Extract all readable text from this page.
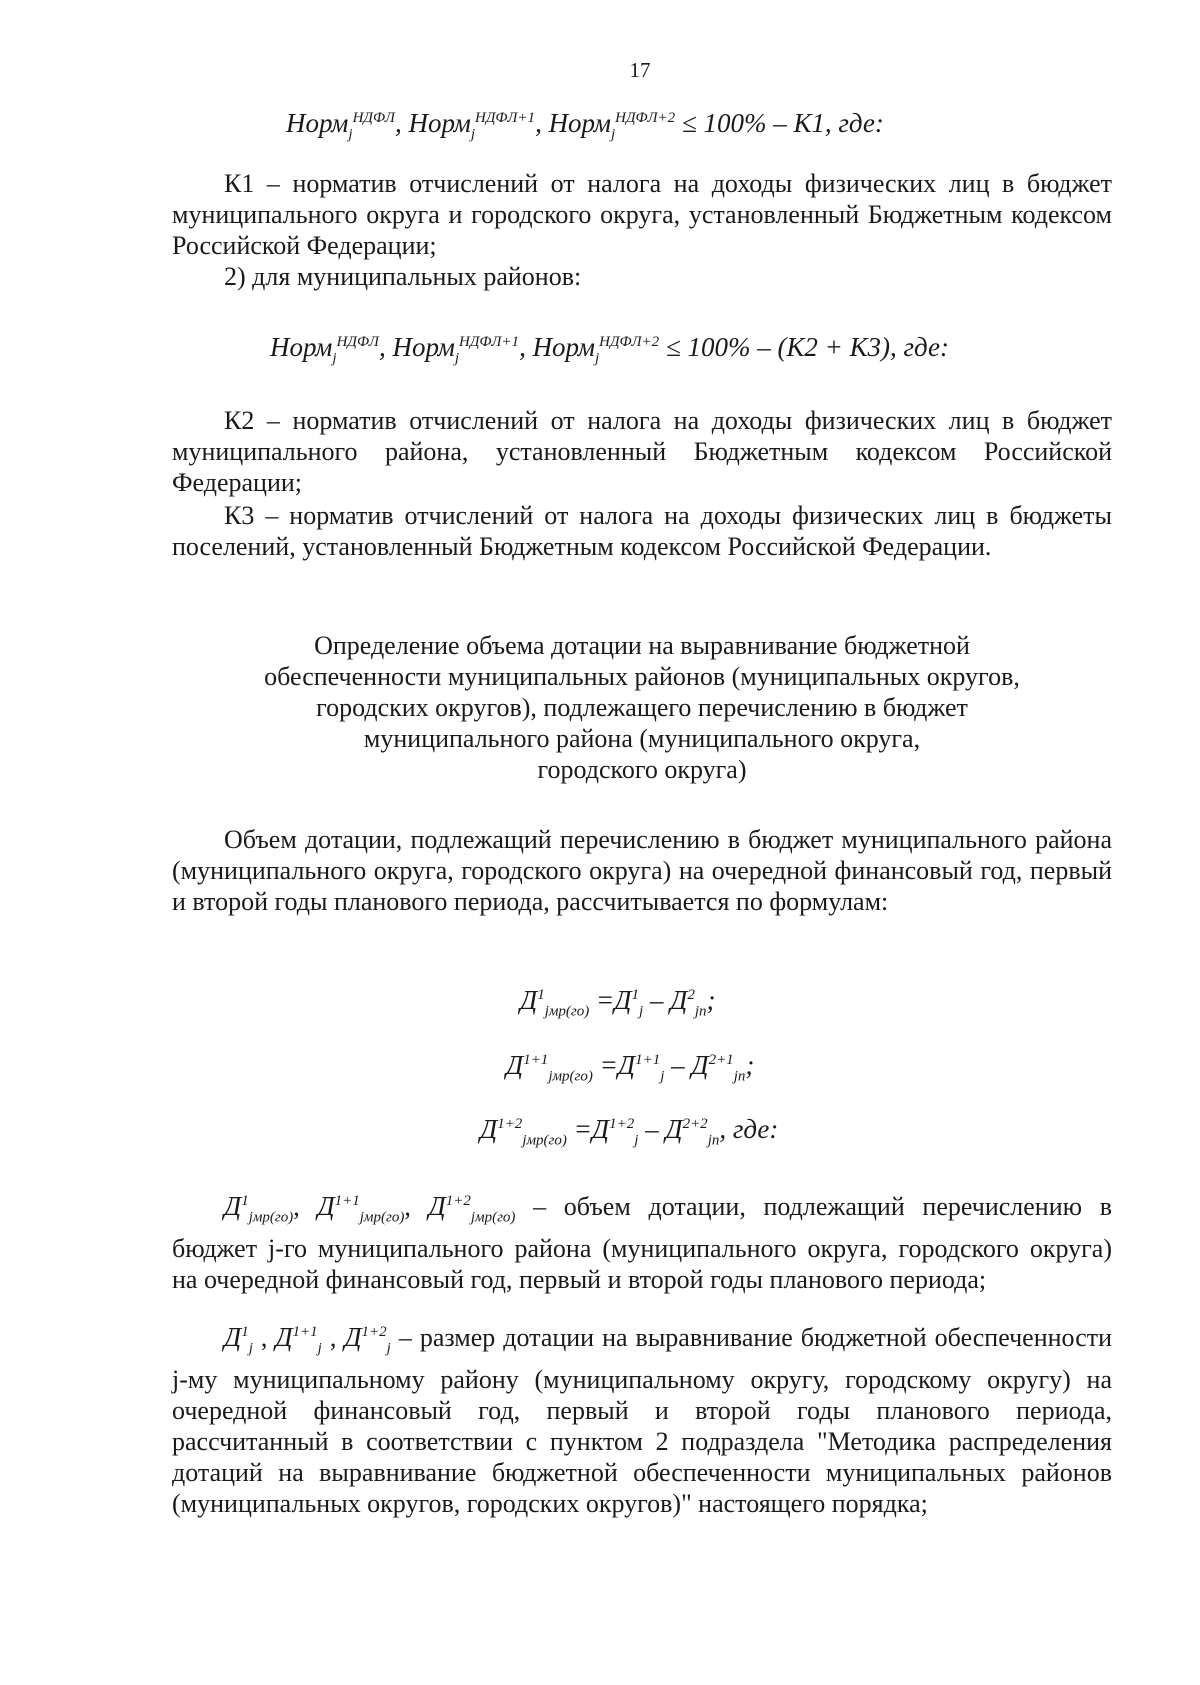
17
Норм$_j^{НДФЛ}$, Норм$_j^{НДФЛ+1}$, Норм$_j^{НДФЛ+2}$ ≤ 100% – К1, где:

К1 – норматив отчислений от налога на доходы физических лиц в бюджет муниципального округа и городского округа, установленный Бюджетным кодексом Российской Федерации;

2) для муниципальных районов:

Норм$_j^{НДФЛ}$, Норм$_j^{НДФЛ+1}$, Норм$_j^{НДФЛ+2}$ ≤ 100% – (К2 + К3), где:

К2 – норматив отчислений от налога на доходы физических лиц в бюджет муниципального района, установленный Бюджетным кодексом Российской Федерации;

К3 – норматив отчислений от налога на доходы физических лиц в бюджеты поселений, установленный Бюджетным кодексом Российской Федерации.

Определение объема дотации на выравнивание бюджетной
обеспеченности муниципальных районов (муниципальных округов,
городских округов), подлежащего перечислению в бюджет
муниципального района (муниципального округа,
городского округа)

Объем дотации, подлежащий перечислению в бюджет муниципального района (муниципального округа, городского округа) на очередной финансовый год, первый и второй годы планового периода, рассчитывается по формулам:

$Д^1_{jмр(го)} =Д^1_j - Д^2_{jn}$;
$Д^{1+1}_{jмр(го)} =Д^{1+1}_j - Д^{2+1}_{jn}$;
$Д^{1+2}_{jмр(го)} =Д^{1+2}_j - Д^{2+2}_{jn}$, где:

$Д^1_{jмр(го)}$, $Д^{1+1}_{jмр(го)}$, $Д^{1+2}_{jмр(го)}$ – объем дотации, подлежащий перечислению в бюджет j-го муниципального района (муниципального округа, городского округа) на очередной финансовый год, первый и второй годы планового периода;

$Д^1_j$ , $Д^{1+1}_j$ , $Д^{1+2}_j$ – размер дотации на выравнивание бюджетной обеспеченности j-му муниципальному району (муниципальному округу, городскому округу) на очередной финансовый год, первый и второй годы планового периода, рассчитанный в соответствии с пунктом 2 подраздела "Методика распределения дотаций на выравнивание бюджетной обеспеченности муниципальных районов (муниципальных округов, городских округов)" настоящего порядка;
